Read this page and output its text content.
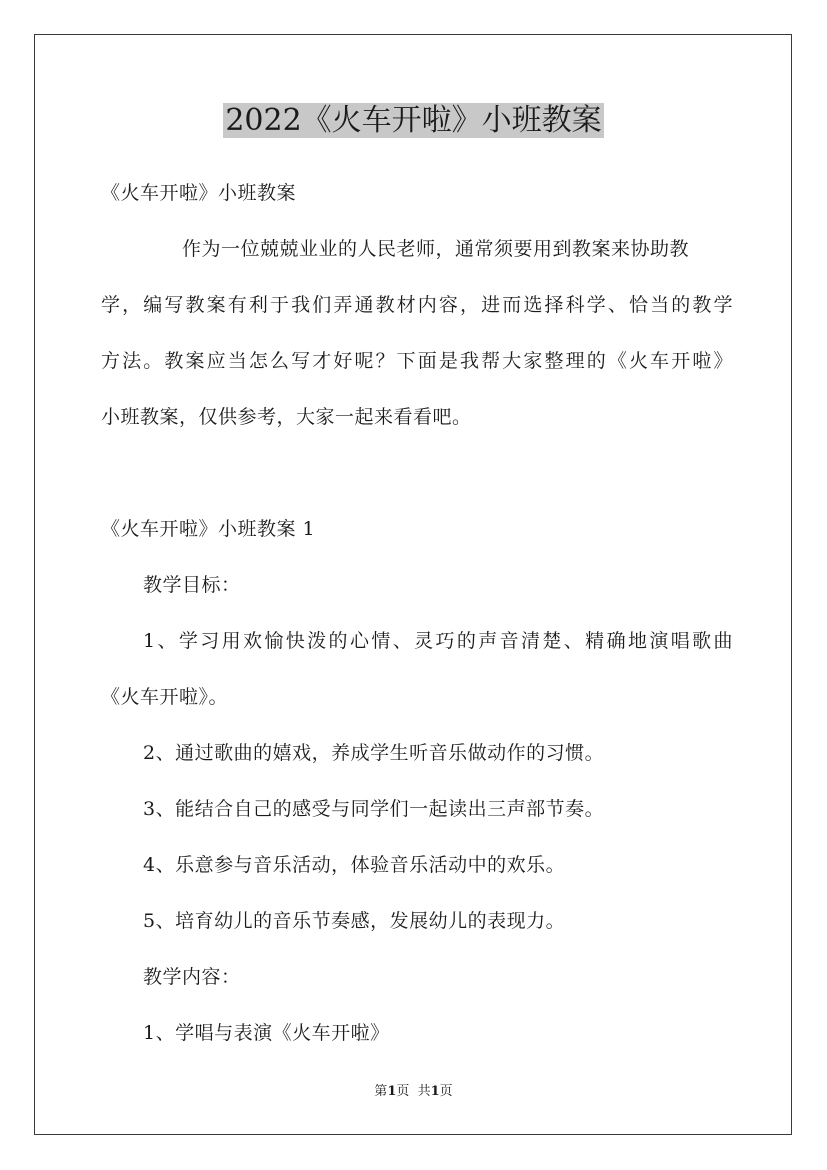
2022《火车开啦》小班教案
《火车开啦》小班教案
作为一位兢兢业业的人民老师，通常须要用到教案来协助教
学，编写教案有利于我们弄通教材内容，进而选择科学、恰当的教学
方法。教案应当怎么写才好呢？下面是我帮大家整理的《火车开啦》
小班教案，仅供参考，大家一起来看看吧。
《火车开啦》小班教案 1
教学目标：
1、学习用欢愉快泼的心情、灵巧的声音清楚、精确地演唱歌曲
《火车开啦》。
2、通过歌曲的嬉戏，养成学生听音乐做动作的习惯。
3、能结合自己的感受与同学们一起读出三声部节奏。
4、乐意参与音乐活动，体验音乐活动中的欢乐。
5、培育幼儿的音乐节奏感，发展幼儿的表现力。
教学内容：
1、学唱与表演《火车开啦》
第1页  共1页
